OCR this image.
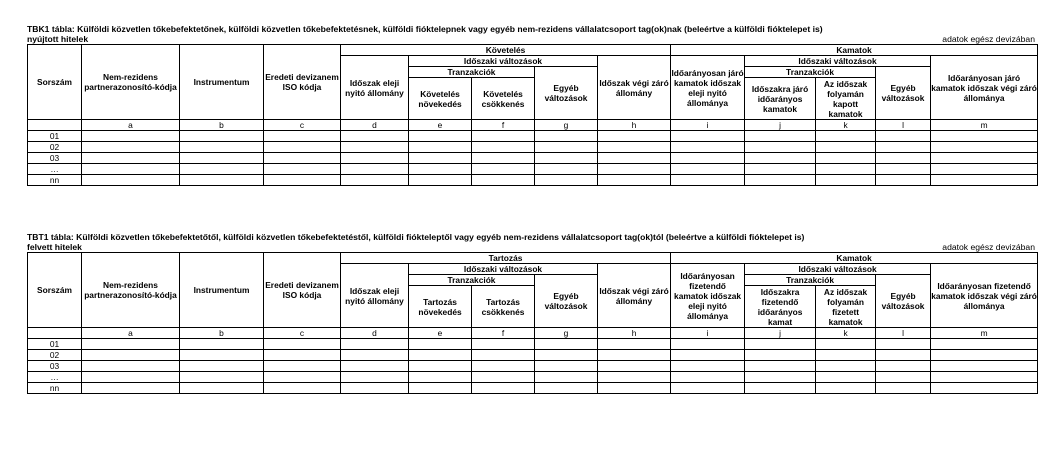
TBK1 tábla: Külföldi közvetlen tőkebefektetőnek, külföldi közvetlen tőkebefektetésnek, külföldi fióktelepnek vagy egyéb nem-rezidens vállalatcsoport tag(ok)nak (beleértve a külföldi fióktelepet is)
nyújtott hitelek	adatok egész devizában
Sorszám	Nem-rezidens partnerazonosító-kódja	Instrumentum	Eredeti devizanem ISO kódja	Követelés					Kamatok				
				Időszak eleji nyitó állomány	Időszaki változások			Időszak végi záró állomány	Időarányosan járó kamatok időszak eleji nyitó állománya	Időszaki változások			Időarányosan járó kamatok időszak végi záró állománya
					Tranzakciók		Egyéb változások			Tranzakciók		Egyéb változások	
					Követelés növekedés	Követelés csökkenés				Időszakra járó időarányos kamatok	Az időszak folyamán kapott kamatok		
	a	b	c	d	e	f	g	h	i	j	k	l	m
01													
02													
03													
…													
nn													
TBT1 tábla: Külföldi közvetlen tőkebefektetőtől, külföldi közvetlen tőkebefektetéstől, külföldi fiókteleptől vagy egyéb nem-rezidens vállalatcsoport tag(ok)tól (beleértve a külföldi fióktelepet is)
felvett hitelek	adatok egész devizában
Sorszám	Nem-rezidens partnerazonosító-kódja	Instrumentum	Eredeti devizanem ISO kódja	Tartozás					Kamatok				
				Időszak eleji nyitó állomány	Időszaki változások			Időszak végi záró állomány	Időarányosan fizetendő kamatok időszak eleji nyitó állománya	Időszaki változások			Időarányosan fizetendő kamatok időszak végi záró állománya
					Tranzakciók		Egyéb változások			Tranzakciók		Egyéb változások	
					Tartozás növekedés	Tartozás csökkenés				Időszakra fizetendő időarányos kamat	Az időszak folyamán fizetett kamatok		
	a	b	c	d	e	f	g	h	i	j	k	l	m
01													
02													
03													
…													
nn													
